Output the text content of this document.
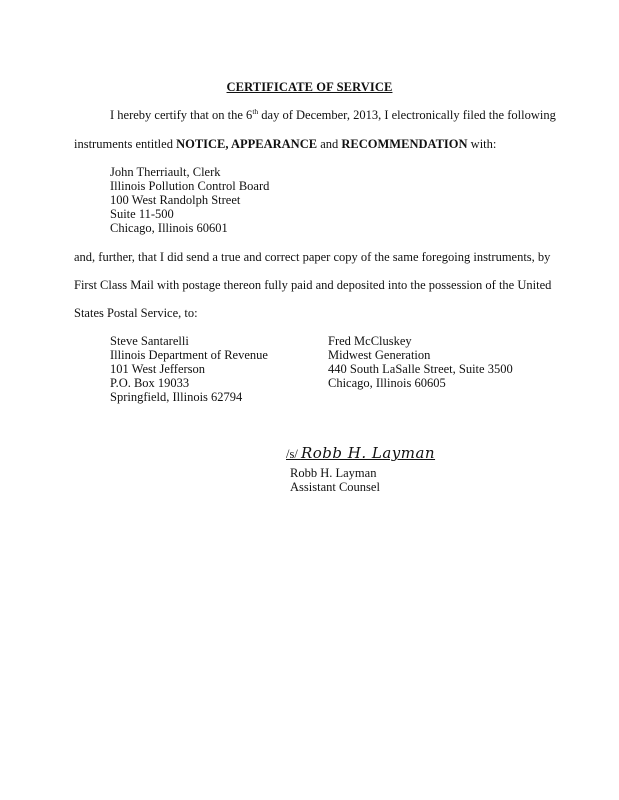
CERTIFICATE OF SERVICE
I hereby certify that on the 6th day of December, 2013, I electronically filed the following
instruments entitled NOTICE, APPEARANCE and RECOMMENDATION with:
John Therriault, Clerk
Illinois Pollution Control Board
100 West Randolph Street
Suite 11-500
Chicago, Illinois 60601
and, further, that I did send a true and correct paper copy of the same foregoing instruments, by
First Class Mail with postage thereon fully paid and deposited into the possession of the United
States Postal Service, to:
Steve Santarelli
Illinois Department of Revenue
101 West Jefferson
P.O. Box 19033
Springfield, Illinois 62794
Fred McCluskey
Midwest Generation
440 South LaSalle Street, Suite 3500
Chicago, Illinois 60605
/s/ Robb H. Layman
Robb H. Layman
Assistant Counsel
